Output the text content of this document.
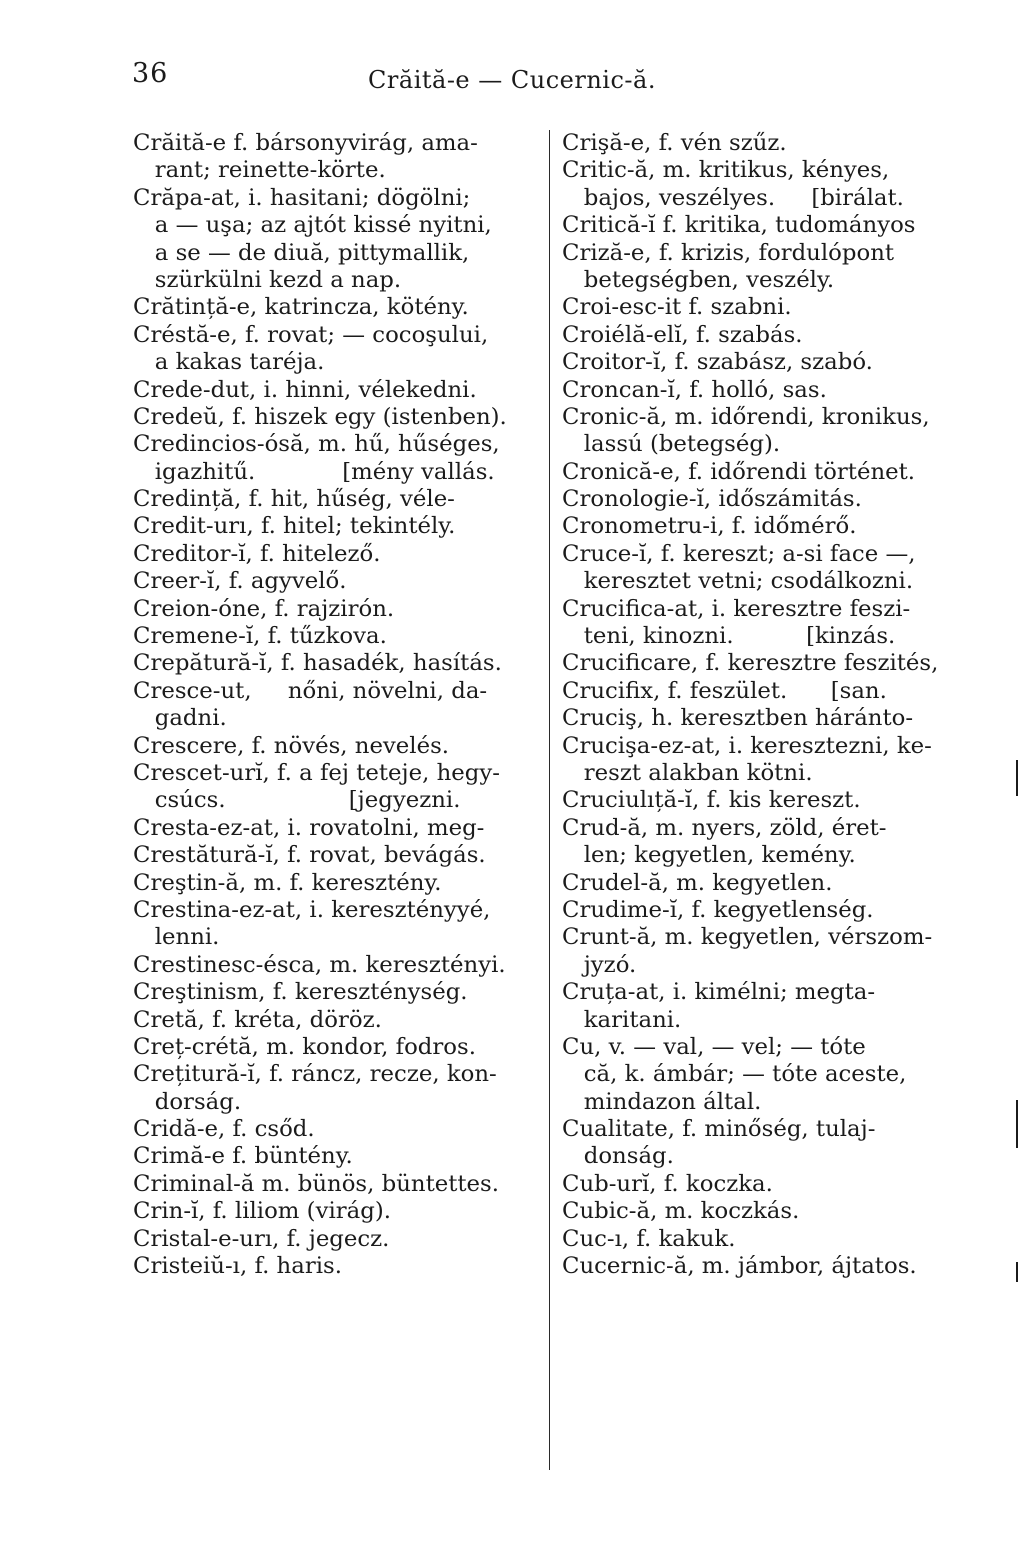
36	Crăită-e — Cucernic-ă.
Crăită-e f. bársonyvirág, ama-
rant; reinette-körte.
Crăpa-at, i. hasitani; dögölni;
a — uşa; az ajtót kissé nyitni,
a se — de diuă, pittymallik,
szürkülni kezd a nap.
Crătință-e, katrincza, kötény.
Créstă-e, f. rovat; — cocoşului,
a kakas taréja.
Crede-dut, i. hinni, vélekedni.
Credeŭ, f. hiszek egy (istenben).
Credincios-ósă, m. hű, hűséges,
igazhitű.            [mény vallás.
Credință, f. hit, hűség, véle-
Credit-urı, f. hitel; tekintély.
Creditor-ĭ, f. hitelező.
Creer-ĭ, f. agyvelő.
Creion-óne, f. rajzirón.
Cremene-ĭ, f. tűzkova.
Crepătură-ĭ, f. hasadék, hasítás.
Cresce-ut,     nőni, növelni, da-
gadni.
Crescere, f. növés, nevelés.
Crescet-urĭ, f. a fej teteje, hegy-
csúcs.                 [jegyezni.
Cresta-ez-at, i. rovatolni, meg-
Crestătură-ĭ, f. rovat, bevágás.
Creştin-ă, m. f. keresztény.
Crestina-ez-at, i. keresztényyé,
lenni.
Crestinesc-ésca, m. keresztényi.
Creştinism, f. kereszténység.
Cretă, f. kréta, döröz.
Creț-crétă, m. kondor, fodros.
Crețitură-ĭ, f. ráncz, recze, kon-
dorság.
Cridă-e, f. csőd.
Crimă-e f. büntény.
Criminal-ă m. bünös, büntettes.
Crin-ĭ, f. liliom (virág).
Cristal-e-urı, f. jegecz.
Cristeiŭ-ı, f. haris.
Crişă-e, f. vén szűz.
Critic-ă, m. kritikus, kényes,
bajos, veszélyes.     [birálat.
Critică-ĭ f. kritika, tudományos
Criză-e, f. krizis, fordulópont
betegségben, veszély.
Croi-esc-it f. szabni.
Croiélă-elĭ, f. szabás.
Croitor-ĭ, f. szabász, szabó.
Croncan-ĭ, f. holló, sas.
Cronic-ă, m. időrendi, kronikus,
lassú (betegség).
Cronică-e, f. időrendi történet.
Cronologie-ĭ, időszámitás.
Cronometru-i, f. időmérő.
Cruce-ĭ, f. kereszt; a-si face —,
keresztet vetni; csodálkozni.
Crucifica-at, i. keresztre feszi-
teni, kinozni.          [kinzás.
Crucificare, f. keresztre feszités,
Crucifix, f. feszület.      [san.
Cruciş, h. keresztben háránto-
Crucişa-ez-at, i. keresztezni, ke-
reszt alakban kötni.
Cruciulıță-ĭ, f. kis kereszt.
Crud-ă, m. nyers, zöld, éret-
len; kegyetlen, kemény.
Crudel-ă, m. kegyetlen.
Crudime-ĭ, f. kegyetlenség.
Crunt-ă, m. kegyetlen, vérszom-
jyzó.
Cruța-at, i. kimélni; megta-
karitani.
Cu, v. — val, — vel; — tóte
că, k. ámbár; — tóte aceste,
mindazon által.
Cualitate, f. minőség, tulaj-
donság.
Cub-urĭ, f. koczka.
Cubic-ă, m. koczkás.
Cuc-ı, f. kakuk.
Cucernic-ă, m. jámbor, ájtatos.
